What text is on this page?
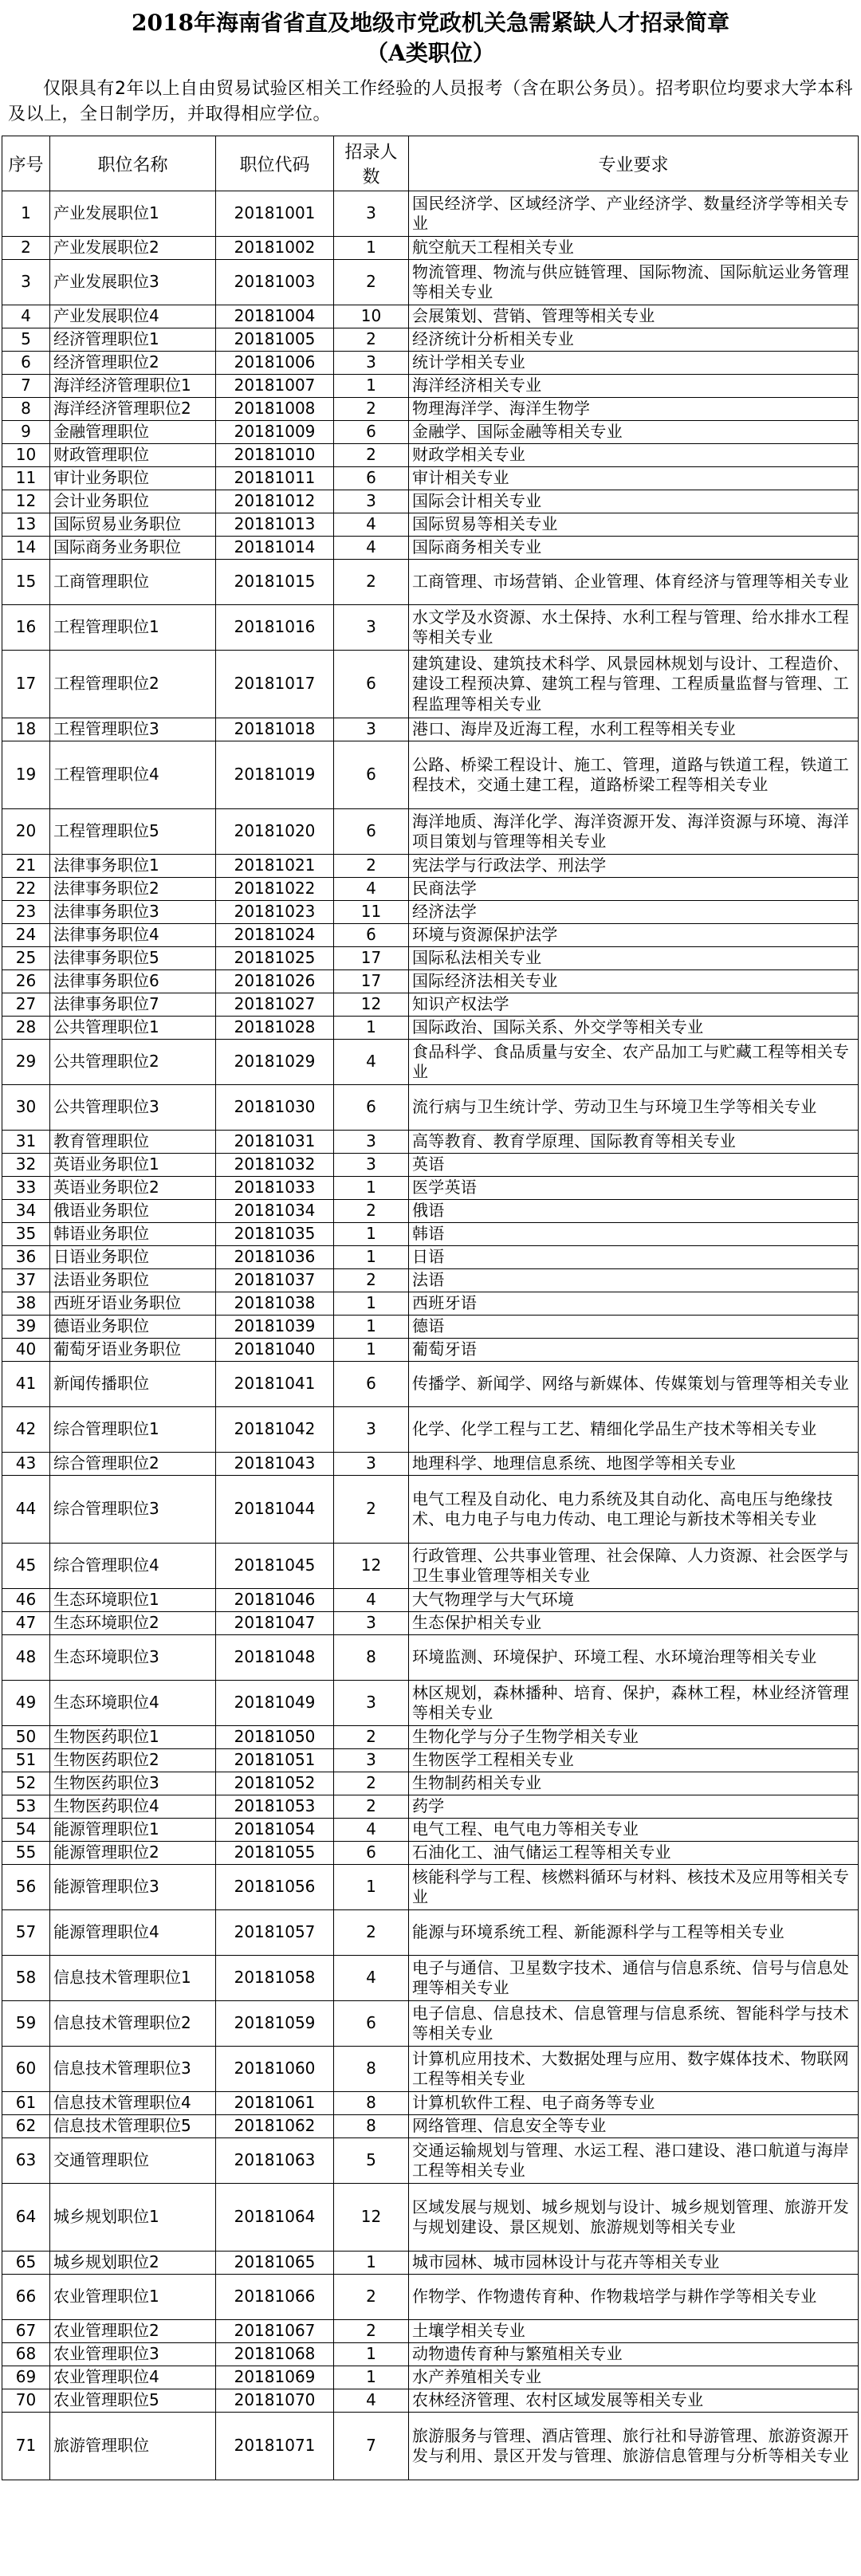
2018年海南省省直及地级市党政机关急需紧缺人才招录简章
（A类职位）
仅限具有2年以上自由贸易试验区相关工作经验的人员报考（含在职公务员）。招考职位均要求大学本科及以上，全日制学历，并取得相应学位。
序号	职位名称	职位代码	招录人数	专业要求
1	产业发展职位1	20181001	3	国民经济学、区域经济学、产业经济学、数量经济学等相关专业
2	产业发展职位2	20181002	1	航空航天工程相关专业
3	产业发展职位3	20181003	2	物流管理、物流与供应链管理、国际物流、国际航运业务管理等相关专业
4	产业发展职位4	20181004	10	会展策划、营销、管理等相关专业
5	经济管理职位1	20181005	2	经济统计分析相关专业
6	经济管理职位2	20181006	3	统计学相关专业
7	海洋经济管理职位1	20181007	1	海洋经济相关专业
8	海洋经济管理职位2	20181008	2	物理海洋学、海洋生物学
9	金融管理职位	20181009	6	金融学、国际金融等相关专业
10	财政管理职位	20181010	2	财政学相关专业
11	审计业务职位	20181011	6	审计相关专业
12	会计业务职位	20181012	3	国际会计相关专业
13	国际贸易业务职位	20181013	4	国际贸易等相关专业
14	国际商务业务职位	20181014	4	国际商务相关专业
15	工商管理职位	20181015	2	工商管理、市场营销、企业管理、体育经济与管理等相关专业
16	工程管理职位1	20181016	3	水文学及水资源、水土保持、水利工程与管理、给水排水工程等相关专业
17	工程管理职位2	20181017	6	建筑建设、建筑技术科学、风景园林规划与设计、工程造价、建设工程预决算、建筑工程与管理、工程质量监督与管理、工程监理等相关专业
18	工程管理职位3	20181018	3	港口、海岸及近海工程，水利工程等相关专业
19	工程管理职位4	20181019	6	公路、桥梁工程设计、施工、管理，道路与铁道工程，铁道工程技术，交通土建工程，道路桥梁工程等相关专业
20	工程管理职位5	20181020	6	海洋地质、海洋化学、海洋资源开发、海洋资源与环境、海洋项目策划与管理等相关专业
21	法律事务职位1	20181021	2	宪法学与行政法学、刑法学
22	法律事务职位2	20181022	4	民商法学
23	法律事务职位3	20181023	11	经济法学
24	法律事务职位4	20181024	6	环境与资源保护法学
25	法律事务职位5	20181025	17	国际私法相关专业
26	法律事务职位6	20181026	17	国际经济法相关专业
27	法律事务职位7	20181027	12	知识产权法学
28	公共管理职位1	20181028	1	国际政治、国际关系、外交学等相关专业
29	公共管理职位2	20181029	4	食品科学、食品质量与安全、农产品加工与贮藏工程等相关专业
30	公共管理职位3	20181030	6	流行病与卫生统计学、劳动卫生与环境卫生学等相关专业
31	教育管理职位	20181031	3	高等教育、教育学原理、国际教育等相关专业
32	英语业务职位1	20181032	3	英语
33	英语业务职位2	20181033	1	医学英语
34	俄语业务职位	20181034	2	俄语
35	韩语业务职位	20181035	1	韩语
36	日语业务职位	20181036	1	日语
37	法语业务职位	20181037	2	法语
38	西班牙语业务职位	20181038	1	西班牙语
39	德语业务职位	20181039	1	德语
40	葡萄牙语业务职位	20181040	1	葡萄牙语
41	新闻传播职位	20181041	6	传播学、新闻学、网络与新媒体、传媒策划与管理等相关专业
42	综合管理职位1	20181042	3	化学、化学工程与工艺、精细化学品生产技术等相关专业
43	综合管理职位2	20181043	3	地理科学、地理信息系统、地图学等相关专业
44	综合管理职位3	20181044	2	电气工程及自动化、电力系统及其自动化、高电压与绝缘技术、电力电子与电力传动、电工理论与新技术等相关专业
45	综合管理职位4	20181045	12	行政管理、公共事业管理、社会保障、人力资源、社会医学与卫生事业管理等相关专业
46	生态环境职位1	20181046	4	大气物理学与大气环境
47	生态环境职位2	20181047	3	生态保护相关专业
48	生态环境职位3	20181048	8	环境监测、环境保护、环境工程、水环境治理等相关专业
49	生态环境职位4	20181049	3	林区规划，森林播种、培育、保护，森林工程，林业经济管理等相关专业
50	生物医药职位1	20181050	2	生物化学与分子生物学相关专业
51	生物医药职位2	20181051	3	生物医学工程相关专业
52	生物医药职位3	20181052	2	生物制药相关专业
53	生物医药职位4	20181053	2	药学
54	能源管理职位1	20181054	4	电气工程、电气电力等相关专业
55	能源管理职位2	20181055	6	石油化工、油气储运工程等相关专业
56	能源管理职位3	20181056	1	核能科学与工程、核燃料循环与材料、核技术及应用等相关专业
57	能源管理职位4	20181057	2	能源与环境系统工程、新能源科学与工程等相关专业
58	信息技术管理职位1	20181058	4	电子与通信、卫星数字技术、通信与信息系统、信号与信息处理等相关专业
59	信息技术管理职位2	20181059	6	电子信息、信息技术、信息管理与信息系统、智能科学与技术等相关专业
60	信息技术管理职位3	20181060	8	计算机应用技术、大数据处理与应用、数字媒体技术、物联网工程等相关专业
61	信息技术管理职位4	20181061	8	计算机软件工程、电子商务等专业
62	信息技术管理职位5	20181062	8	网络管理、信息安全等专业
63	交通管理职位	20181063	5	交通运输规划与管理、水运工程、港口建设、港口航道与海岸工程等相关专业
64	城乡规划职位1	20181064	12	区域发展与规划、城乡规划与设计、城乡规划管理、旅游开发与规划建设、景区规划、旅游规划等相关专业
65	城乡规划职位2	20181065	1	城市园林、城市园林设计与花卉等相关专业
66	农业管理职位1	20181066	2	作物学、作物遗传育种、作物栽培学与耕作学等相关专业
67	农业管理职位2	20181067	2	土壤学相关专业
68	农业管理职位3	20181068	1	动物遗传育种与繁殖相关专业
69	农业管理职位4	20181069	1	水产养殖相关专业
70	农业管理职位5	20181070	4	农林经济管理、农村区域发展等相关专业
71	旅游管理职位	20181071	7	旅游服务与管理、酒店管理、旅行社和导游管理、旅游资源开发与利用、景区开发与管理、旅游信息管理与分析等相关专业
